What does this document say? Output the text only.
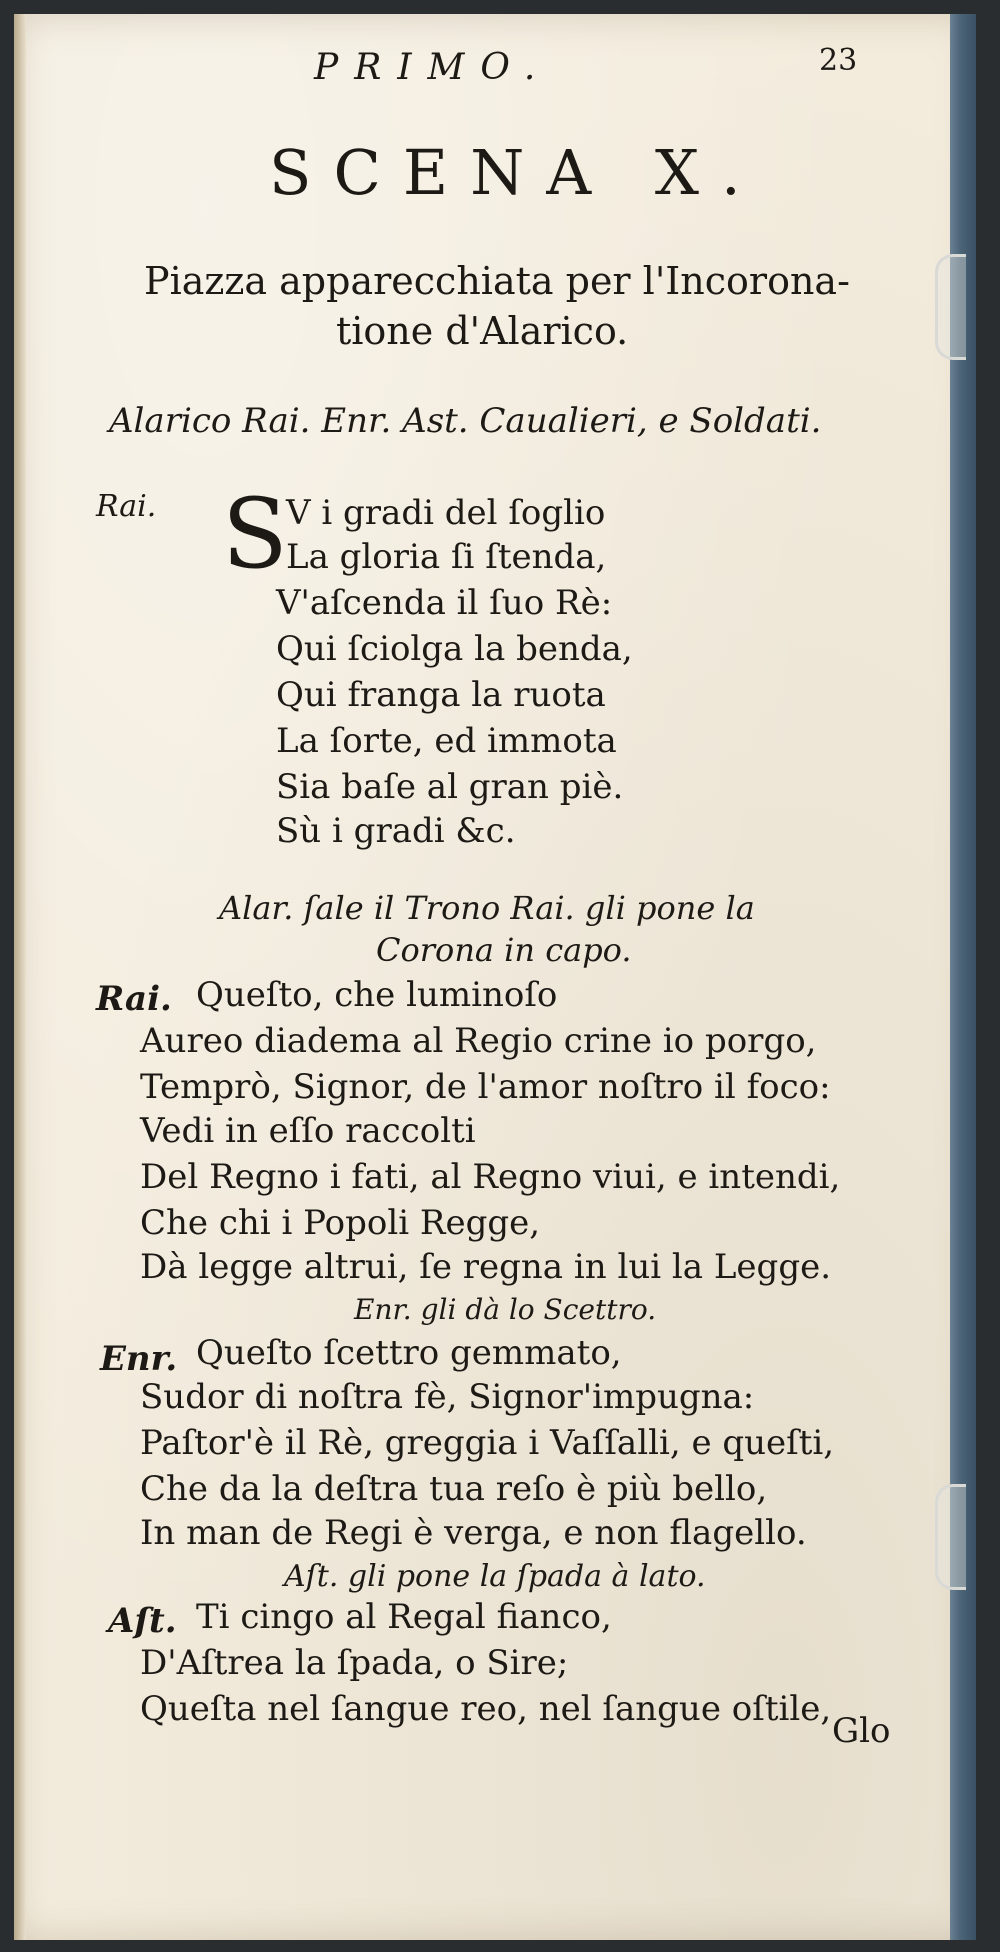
PRIMO.	23
SCENA X.
Piazza apparecchiata per l'Incorona-
tione d'Alarico.
Alarico Rai. Enr. Ast. Caualieri, e Soldati.
Rai. S
V i gradi del ſoglio
La gloria ſi ſtenda,
V'aſcenda il ſuo Rè:
Qui ſciolga la benda,
Qui franga la ruota
La ſorte, ed immota
Sia baſe al gran piè.
Sù i gradi &c.
Alar. ſale il Trono Rai. gli pone la
Corona in capo.
Rai. Queſto, che luminoſo
Aureo diadema al Regio crine io porgo,
Temprò, Signor, de l'amor noſtro il foco:
Vedi in eſſo raccolti
Del Regno i fati, al Regno viui, e intendi,
Che chi i Popoli Regge,
Dà legge altrui, ſe regna in lui la Legge.
Enr. gli dà lo Scettro.
Enr. Queſto ſcettro gemmato,
Sudor di noſtra fè, Signor'impugna:
Paſtor'è il Rè, greggia i Vaſſalli, e queſti,
Che da la deſtra tua reſo è più bello,
In man de Regi è verga, e non flagello.
Aſt. gli pone la ſpada à lato.
Aſt. Ti cingo al Regal fianco,
D'Aſtrea la ſpada, o Sire;
Queſta nel ſangue reo, nel ſangue oſtile,
Glo
